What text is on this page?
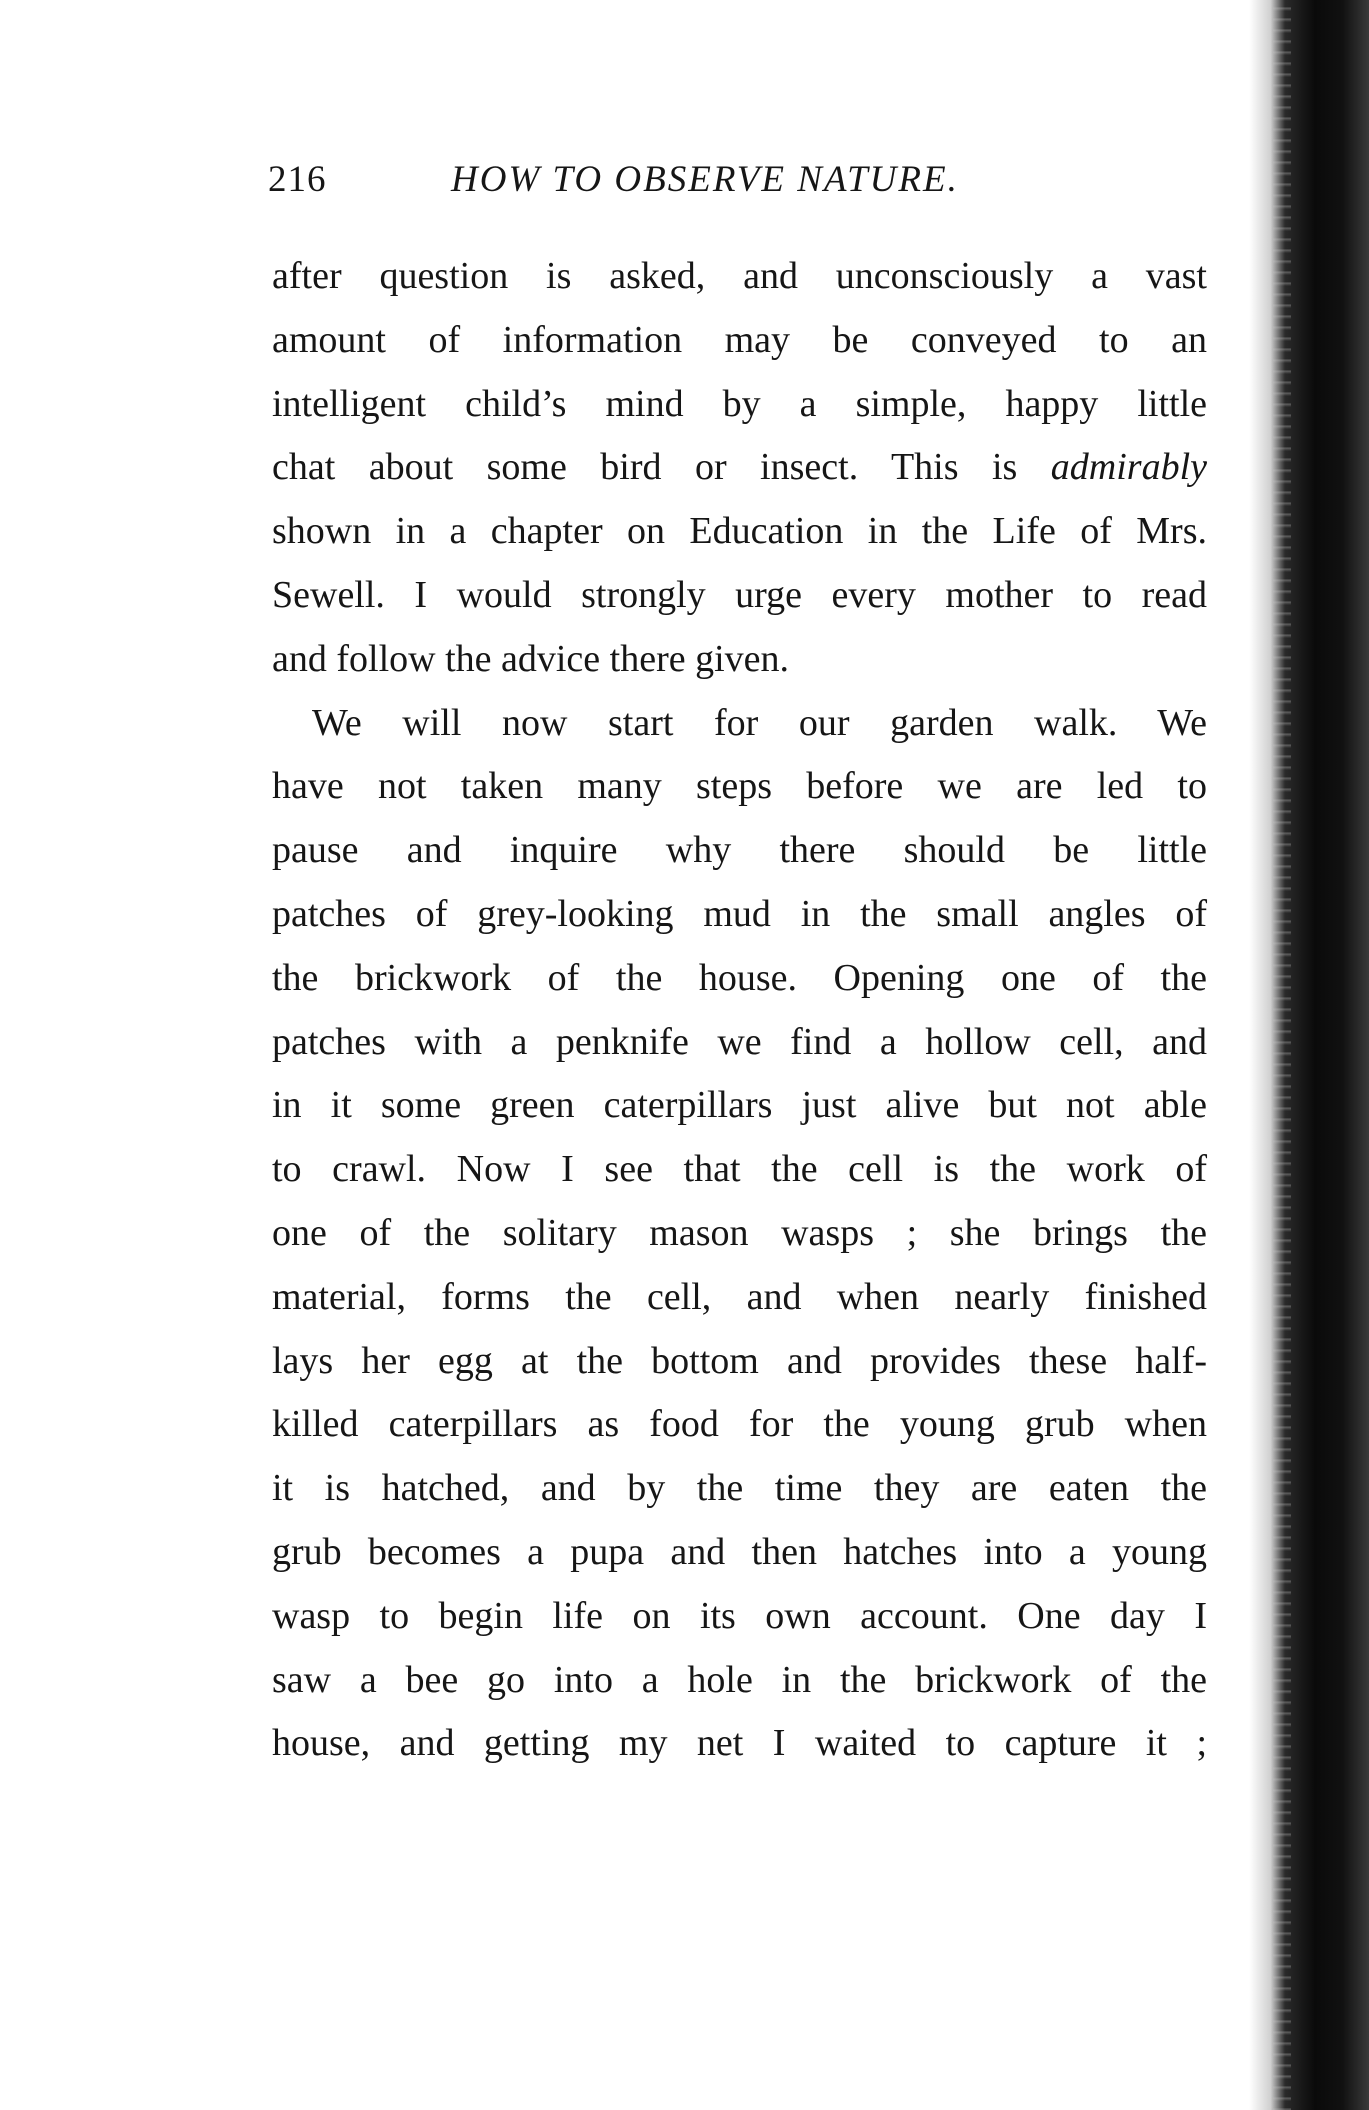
216	HOW TO OBSERVE NATURE.
after question is asked, and unconsciously a vast
amount of information may be conveyed to an
intelligent child’s mind by a simple, happy little
chat about some bird or insect. This is admirably
shown in a chapter on Education in the Life of Mrs.
Sewell. I would strongly urge every mother to read
and follow the advice there given.
We will now start for our garden walk. We
have not taken many steps before we are led to
pause and inquire why there should be little
patches of grey-looking mud in the small angles of
the brickwork of the house. Opening one of the
patches with a penknife we find a hollow cell, and
in it some green caterpillars just alive but not able
to crawl. Now I see that the cell is the work of
one of the solitary mason wasps ; she brings the
material, forms the cell, and when nearly finished
lays her egg at the bottom and provides these half-
killed caterpillars as food for the young grub when
it is hatched, and by the time they are eaten the
grub becomes a pupa and then hatches into a young
wasp to begin life on its own account. One day I
saw a bee go into a hole in the brickwork of the
house, and getting my net I waited to capture it ;
